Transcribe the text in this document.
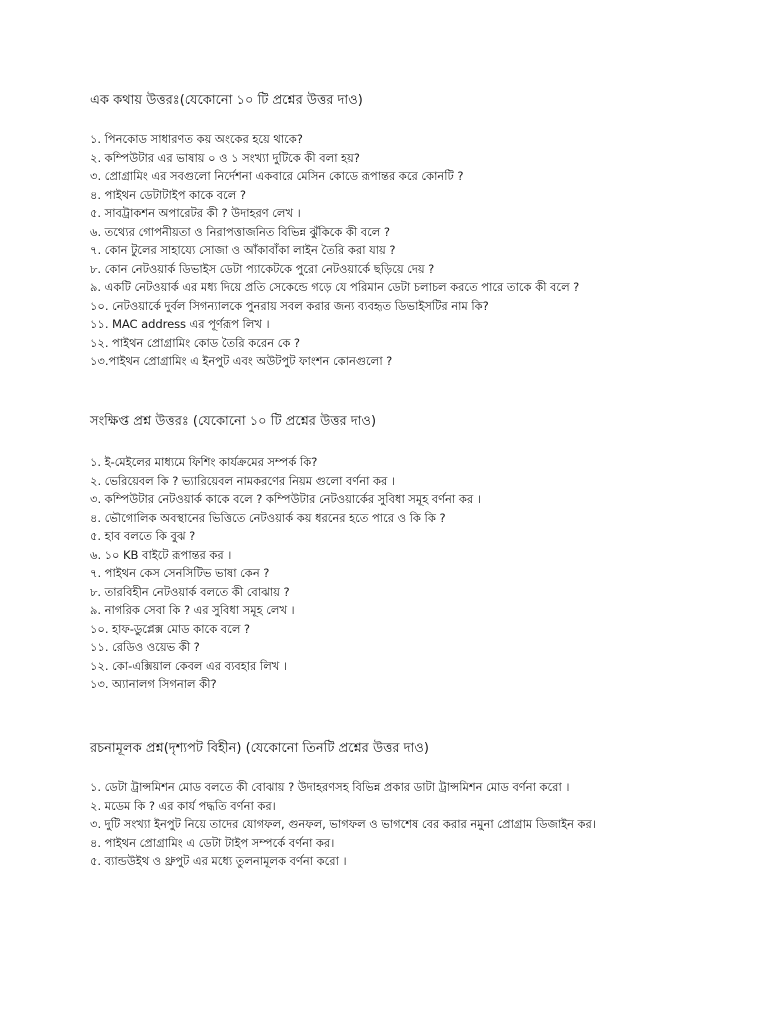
এক কথায় উত্তরঃ(যেকোনো ১০ টি প্রশ্নের উত্তর দাও)
১. পিনকোড সাধারণত কয় অংকের হয়ে থাকে?
২. কম্পিউটার এর ভাষায় ০ ও ১ সংখ্যা দুটিকে কী বলা হয়?
৩. প্রোগ্রামিং এর সবগুলো নির্দেশনা একবারে মেসিন কোডে রূপান্তর করে কোনটি ?
৪. পাইথন ডেটাটাইপ কাকে বলে ?
৫. সাবট্রাকশন অপারেটর কী ? উদাহরণ লেখ ।
৬. তথ্যের গোপনীয়তা ও নিরাপত্তাজনিত বিভিন্ন ঝুঁকিকে কী বলে ?
৭. কোন টুলের সাহায্যে সোজা ও আঁকাবাঁকা লাইন তৈরি করা যায় ?
৮. কোন নেটওয়ার্ক ডিভাইস ডেটা প্যাকেটকে পুরো নেটওয়ার্কে ছড়িয়ে দেয় ?
৯. একটি নেটওয়ার্ক এর মধ্য দিয়ে প্রতি সেকেন্ডে গড়ে যে পরিমান ডেটা চলাচল করতে পারে তাকে কী বলে ?
১০. নেটওয়ার্কে দুর্বল সিগন্যালকে পুনরায় সবল করার জন্য ব্যবহৃত ডিভাইসটির নাম কি?
১১. MAC address এর পূর্ণরূপ লিখ ।
১২. পাইথন প্রোগ্রামিং কোড তৈরি করেন কে ?
১৩.পাইথন প্রোগ্রামিং এ ইনপুট এবং অউটপুট ফাংশন কোনগুলো ?
সংক্ষিপ্ত প্রশ্ন উত্তরঃ (যেকোনো ১০ টি প্রশ্নের উত্তর দাও)
১. ই-মেইলের মাধ্যমে ফিশিং কার্যক্রমের সম্পর্ক কি?
২. ভেরিয়েবল কি ? ভ্যারিয়েবল নামকরণের নিয়ম গুলো বর্ণনা কর ।
৩. কম্পিউটার নেটওয়ার্ক কাকে বলে ? কম্পিউটার নেটওয়ার্কের সুবিধা সমূহ বর্ণনা কর ।
৪. ভৌগোলিক অবস্থানের ভিত্তিতে নেটওয়ার্ক কয় ধরনের হতে পারে ও কি কি ?
৫. হাব বলতে কি বুঝ ?
৬. ১০ KB বাইটে রূপান্তর কর ।
৭. পাইথন কেস সেনসিটিভ ভাষা কেন ?
৮. তারবিহীন নেটওয়ার্ক বলতে কী বোঝায় ?
৯. নাগরিক সেবা কি ? এর সুবিধা সমূহ লেখ ।
১০. হাফ-ডুপ্লেক্স মোড কাকে বলে ?
১১. রেডিও ওয়েভ কী ?
১২. কো-এক্সিয়াল কেবল এর ব্যবহার লিখ ।
১৩. অ্যানালগ সিগনাল কী?
রচনামূলক প্রশ্ন(দৃশ্যপট বিহীন) (যেকোনো তিনটি প্রশ্নের উত্তর দাও)
১. ডেটা ট্রান্সমিশন মোড বলতে কী বোঝায় ? উদাহরণসহ বিভিন্ন প্রকার ডাটা ট্রান্সমিশন মোড বর্ণনা করো ।
২. মডেম কি ? এর কার্য পদ্ধতি বর্ণনা কর।
৩. দুটি সংখ্যা ইনপুট নিয়ে তাদের যোগফল, গুনফল, ভাগফল ও ভাগশেষ বের করার নমুনা প্রোগ্রাম ডিজাইন কর।
৪. পাইথন প্রোগ্রামিং এ ডেটা টাইপ সম্পর্কে বর্ণনা কর।
৫. ব্যান্ডউইথ ও থ্রুপুট এর মধ্যে তুলনামূলক বর্ণনা করো ।
